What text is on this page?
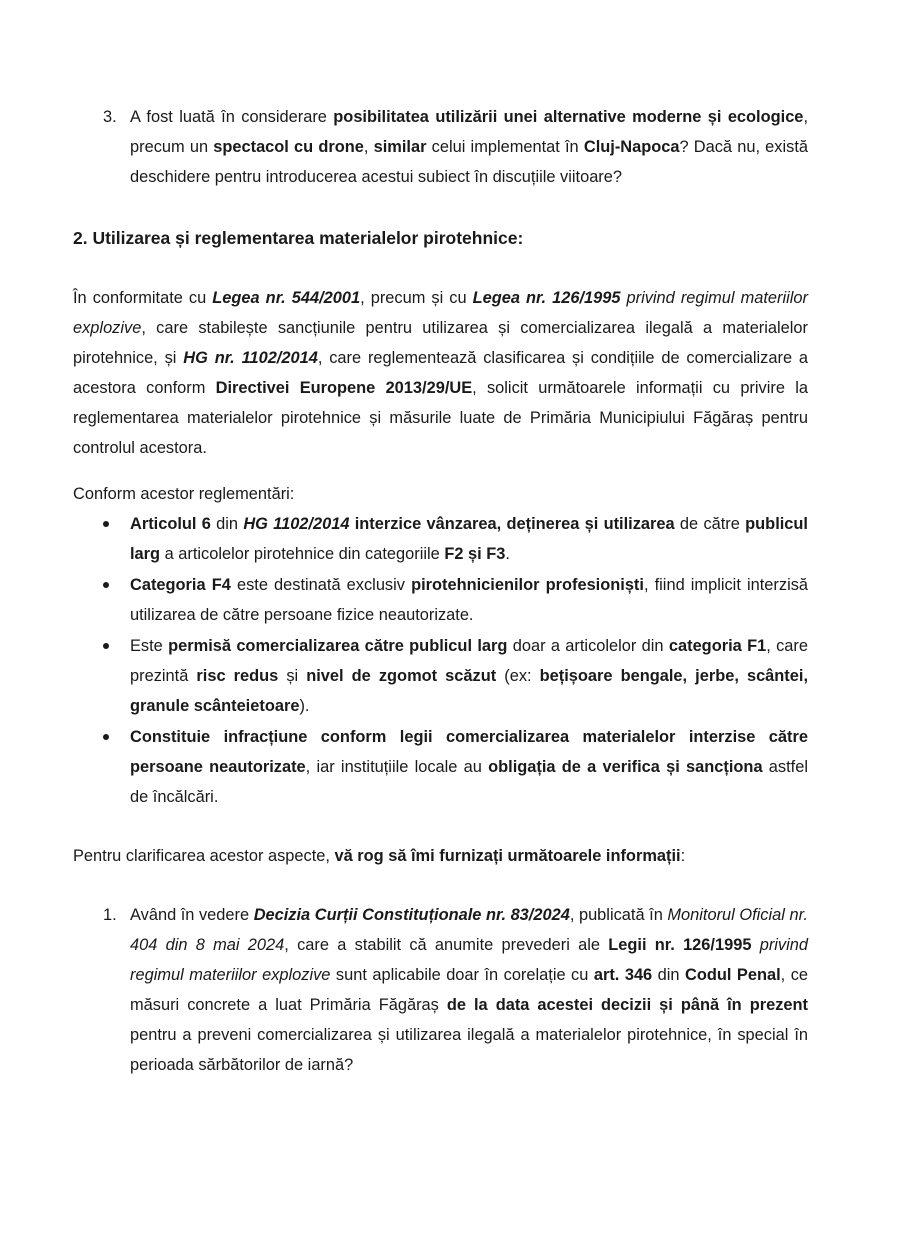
3. A fost luată în considerare posibilitatea utilizării unei alternative moderne și ecologice, precum un spectacol cu drone, similar celui implementat în Cluj-Napoca? Dacă nu, există deschidere pentru introducerea acestui subiect în discuțiile viitoare?
2. Utilizarea și reglementarea materialelor pirotehnice:
În conformitate cu Legea nr. 544/2001, precum și cu Legea nr. 126/1995 privind regimul materiilor explozive, care stabilește sancțiunile pentru utilizarea și comercializarea ilegală a materialelor pirotehnice, și HG nr. 1102/2014, care reglementează clasificarea și condițiile de comercializare a acestora conform Directivei Europene 2013/29/UE, solicit următoarele informații cu privire la reglementarea materialelor pirotehnice și măsurile luate de Primăria Municipiului Făgăraș pentru controlul acestora.
Conform acestor reglementări:
Articolul 6 din HG 1102/2014 interzice vânzarea, deținerea și utilizarea de către publicul larg a articolelor pirotehnice din categoriile F2 și F3.
Categoria F4 este destinată exclusiv pirotehnicienilor profesioniști, fiind implicit interzisă utilizarea de către persoane fizice neautorizate.
Este permisă comercializarea către publicul larg doar a articolelor din categoria F1, care prezintă risc redus și nivel de zgomot scăzut (ex: bețișoare bengale, jerbe, scântei, granule scânteietoare).
Constituie infracțiune conform legii comercializarea materialelor interzise către persoane neautorizate, iar instituțiile locale au obligația de a verifica și sancționa astfel de încălcări.
Pentru clarificarea acestor aspecte, vă rog să îmi furnizați următoarele informații:
1. Având în vedere Decizia Curții Constituționale nr. 83/2024, publicată în Monitorul Oficial nr. 404 din 8 mai 2024, care a stabilit că anumite prevederi ale Legii nr. 126/1995 privind regimul materiilor explozive sunt aplicabile doar în corelație cu art. 346 din Codul Penal, ce măsuri concrete a luat Primăria Făgăraș de la data acestei decizii și până în prezent pentru a preveni comercializarea și utilizarea ilegală a materialelor pirotehnice, în special în perioada sărbătorilor de iarnă?
